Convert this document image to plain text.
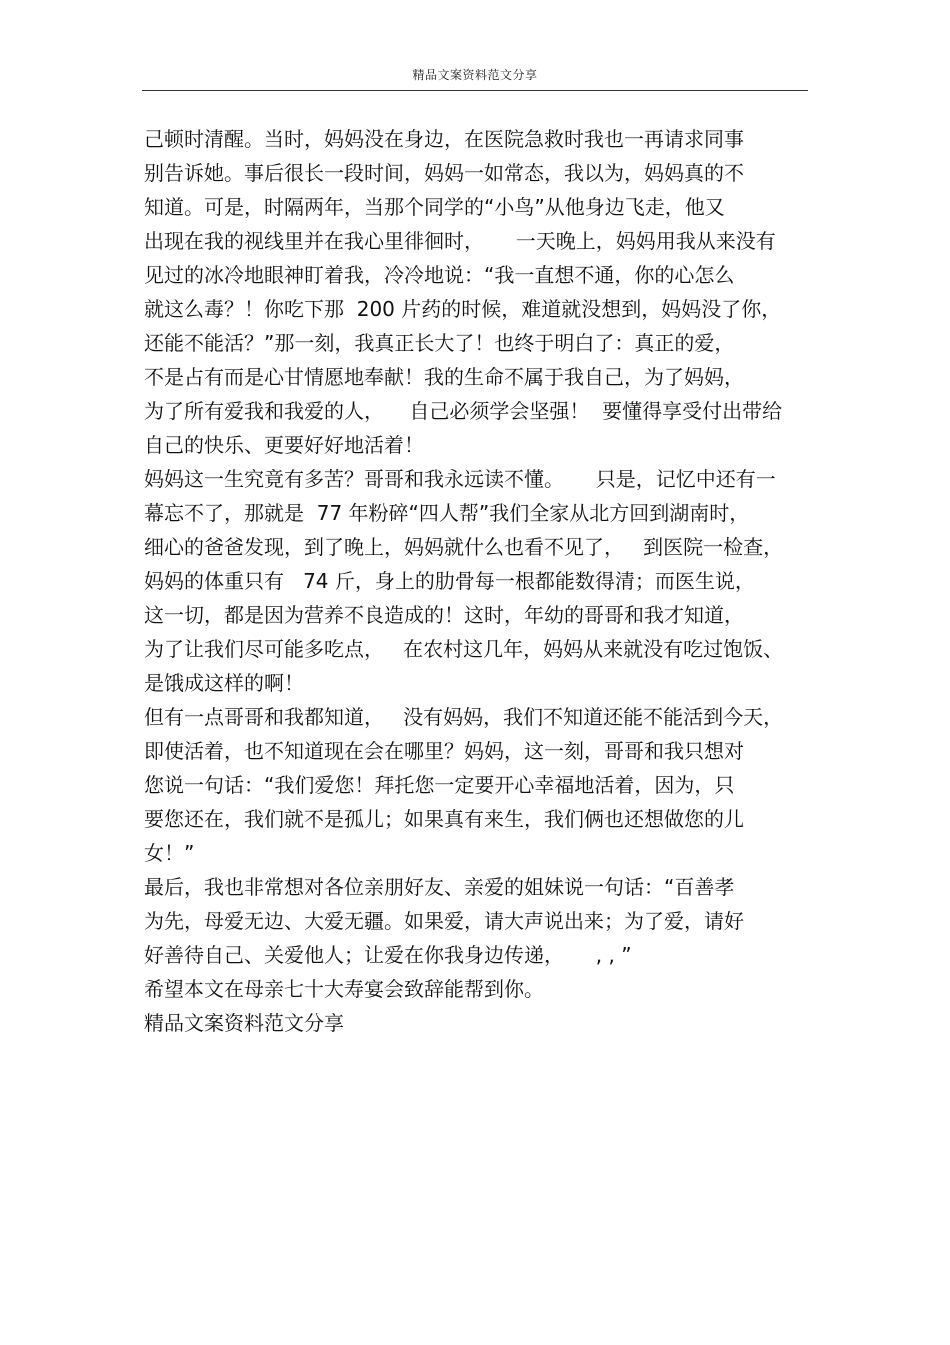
精品文案资料范文分享
己顿时清醒。当时，妈妈没在身边，在医院急救时我也一再请求同事
别告诉她。事后很长一段时间，妈妈一如常态，我以为，妈妈真的不
知道。可是，时隔两年，当那个同学的“小鸟”从他身边飞走，他又
出现在我的视线里并在我心里徘徊时，     一天晚上，妈妈用我从来没有
见过的冰冷地眼神盯着我，冷冷地说：“我一直想不通，你的心怎么
就这么毒？！你吃下那  200 片药的时候，难道就没想到，妈妈没了你，
还能不能活？”那一刻，我真正长大了！也终于明白了：真正的爱，
不是占有而是心甘情愿地奉献！我的生命不属于我自己，为了妈妈，
为了所有爱我和我爱的人，    自己必须学会坚强！  要懂得享受付出带给
自己的快乐、更要好好地活着！
妈妈这一生究竟有多苦？哥哥和我永远读不懂。     只是，记忆中还有一
幕忘不了，那就是  77 年粉碎“四人帮”我们全家从北方回到湖南时，
细心的爸爸发现，到了晚上，妈妈就什么也看不见了，   到医院一检查，
妈妈的体重只有   74 斤，身上的肋骨每一根都能数得清；而医生说，
这一切，都是因为营养不良造成的！这时，年幼的哥哥和我才知道，
为了让我们尽可能多吃点，   在农村这几年，妈妈从来就没有吃过饱饭、
是饿成这样的啊！
但有一点哥哥和我都知道，   没有妈妈，我们不知道还能不能活到今天，
即使活着，也不知道现在会在哪里？妈妈，这一刻，哥哥和我只想对
您说一句话：“我们爱您！拜托您一定要开心幸福地活着，因为，只
要您还在，我们就不是孤儿；如果真有来生，我们俩也还想做您的儿
女！”
最后，我也非常想对各位亲朋好友、亲爱的姐妹说一句话：“百善孝
为先，母爱无边、大爱无疆。如果爱，请大声说出来；为了爱，请好
好善待自己、关爱他人；让爱在你我身边传递，     , , ”
希望本文在母亲七十大寿宴会致辞能帮到你。
精品文案资料范文分享
